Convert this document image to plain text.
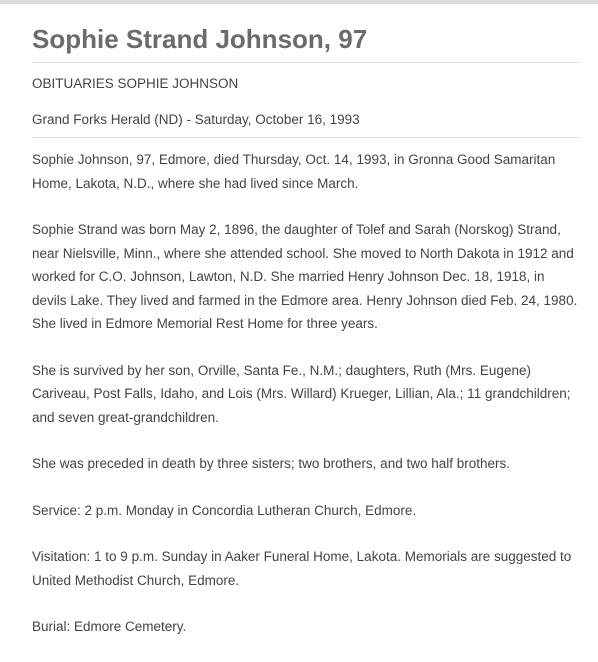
Sophie Strand Johnson, 97
OBITUARIES SOPHIE JOHNSON
Grand Forks Herald (ND) - Saturday, October 16, 1993

Sophie Johnson, 97, Edmore, died Thursday, Oct. 14, 1993, in Gronna Good Samaritan Home, Lakota, N.D., where she had lived since March.

Sophie Strand was born May 2, 1896, the daughter of Tolef and Sarah (Norskog) Strand, near Nielsville, Minn., where she attended school. She moved to North Dakota in 1912 and worked for C.O. Johnson, Lawton, N.D. She married Henry Johnson Dec. 18, 1918, in devils Lake. They lived and farmed in the Edmore area. Henry Johnson died Feb. 24, 1980. She lived in Edmore Memorial Rest Home for three years.

She is survived by her son, Orville, Santa Fe., N.M.; daughters, Ruth (Mrs. Eugene) Cariveau, Post Falls, Idaho, and Lois (Mrs. Willard) Krueger, Lillian, Ala.; 11 grandchildren; and seven great-grandchildren.

She was preceded in death by three sisters; two brothers, and two half brothers.

Service: 2 p.m. Monday in Concordia Lutheran Church, Edmore.

Visitation: 1 to 9 p.m. Sunday in Aaker Funeral Home, Lakota. Memorials are suggested to United Methodist Church, Edmore.

Burial: Edmore Cemetery.
